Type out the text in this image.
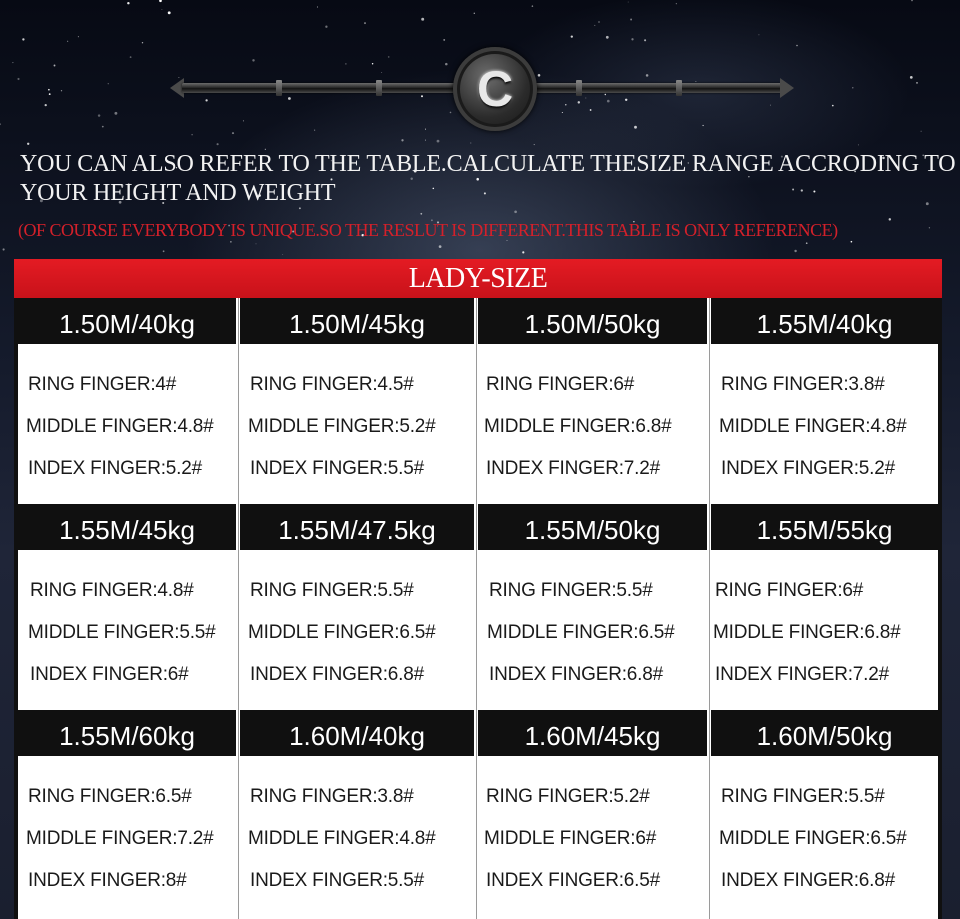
C
YOU CAN ALSO REFER TO THE TABLE.CALCULATE THESIZE RANGE ACCRODING TO
YOUR HEIGHT AND WEIGHT
(OF COURSE EVERYBODY IS UNIQUE.SO THE RESLUT IS DIFFERENT.THIS TABLE IS ONLY REFERENCE)
LADY-SIZE
1.50M/40kg
RING FINGER:4#
MIDDLE FINGER:4.8#
INDEX FINGER:5.2#
1.50M/45kg
RING FINGER:4.5#
MIDDLE FINGER:5.2#
INDEX FINGER:5.5#
1.50M/50kg
RING FINGER:6#
MIDDLE FINGER:6.8#
INDEX FINGER:7.2#
1.55M/40kg
RING FINGER:3.8#
MIDDLE FINGER:4.8#
INDEX FINGER:5.2#
1.55M/45kg
RING FINGER:4.8#
MIDDLE FINGER:5.5#
INDEX FINGER:6#
1.55M/47.5kg
RING FINGER:5.5#
MIDDLE FINGER:6.5#
INDEX FINGER:6.8#
1.55M/50kg
RING FINGER:5.5#
MIDDLE FINGER:6.5#
INDEX FINGER:6.8#
1.55M/55kg
RING FINGER:6#
MIDDLE FINGER:6.8#
INDEX FINGER:7.2#
1.55M/60kg
RING FINGER:6.5#
MIDDLE FINGER:7.2#
INDEX FINGER:8#
1.60M/40kg
RING FINGER:3.8#
MIDDLE FINGER:4.8#
INDEX FINGER:5.5#
1.60M/45kg
RING FINGER:5.2#
MIDDLE FINGER:6#
INDEX FINGER:6.5#
1.60M/50kg
RING FINGER:5.5#
MIDDLE FINGER:6.5#
INDEX FINGER:6.8#
